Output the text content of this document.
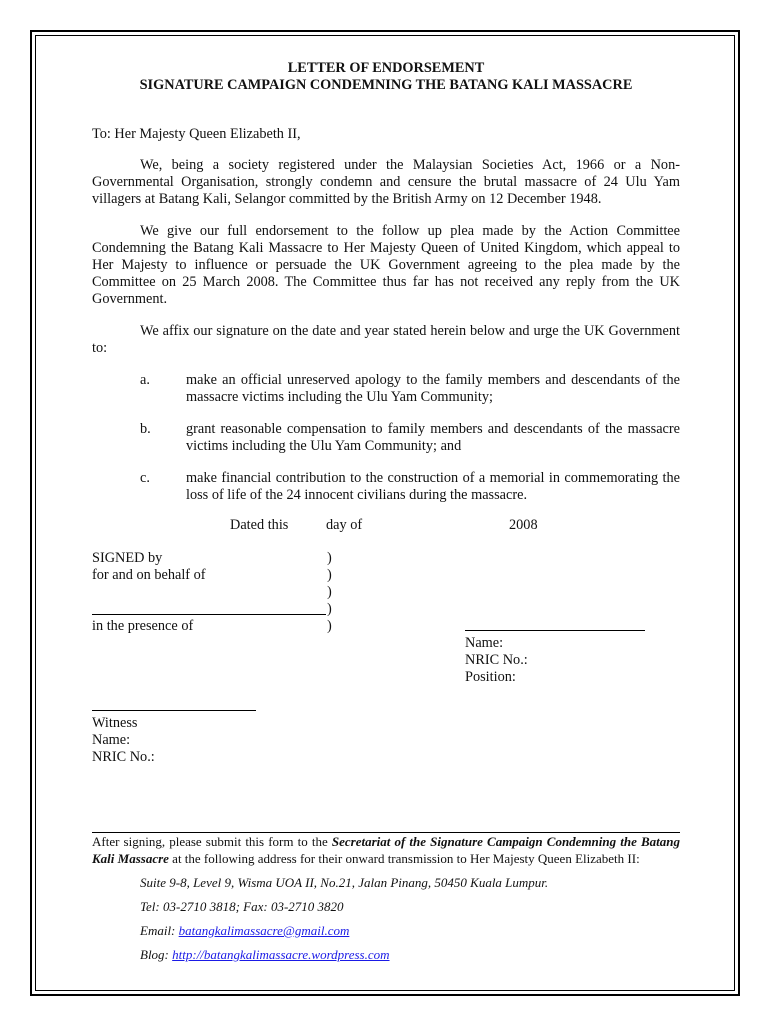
LETTER OF ENDORSEMENT
SIGNATURE CAMPAIGN CONDEMNING THE BATANG KALI MASSACRE
To: Her Majesty Queen Elizabeth II,

We, being a society registered under the Malaysian Societies Act, 1966 or a Non-Governmental Organisation, strongly condemn and censure the brutal massacre of 24 Ulu Yam villagers at Batang Kali, Selangor committed by the British Army on 12 December 1948.

We give our full endorsement to the follow up plea made by the Action Committee Condemning the Batang Kali Massacre to Her Majesty Queen of United Kingdom, which appeal to Her Majesty to influence or persuade the UK Government agreeing to the plea made by the Committee on 25 March 2008. The Committee thus far has not received any reply from the UK Government.

We affix our signature on the date and year stated herein below and urge the UK Government to:

a.	make an official unreserved apology to the family members and descendants of the massacre victims including the Ulu Yam Community;
b.	grant reasonable compensation to family members and descendants of the massacre victims including the Ulu Yam Community; and
c.	make financial contribution to the construction of a memorial in commemorating the loss of life of the 24 innocent civilians during the massacre.
Dated this	day of	2008
SIGNED by
for and on behalf of
)
)
)
)
)
in the presence of
Name:
NRIC No.:
Position:
Witness
Name:
NRIC No.:
After signing, please submit this form to the Secretariat of the Signature Campaign Condemning the Batang Kali Massacre at the following address for their onward transmission to Her Majesty Queen Elizabeth II:
Suite 9-8, Level 9, Wisma UOA II, No.21, Jalan Pinang, 50450 Kuala Lumpur.
Tel: 03-2710 3818; Fax: 03-2710 3820
Email: batangkalimassacre@gmail.com
Blog: http://batangkalimassacre.wordpress.com
